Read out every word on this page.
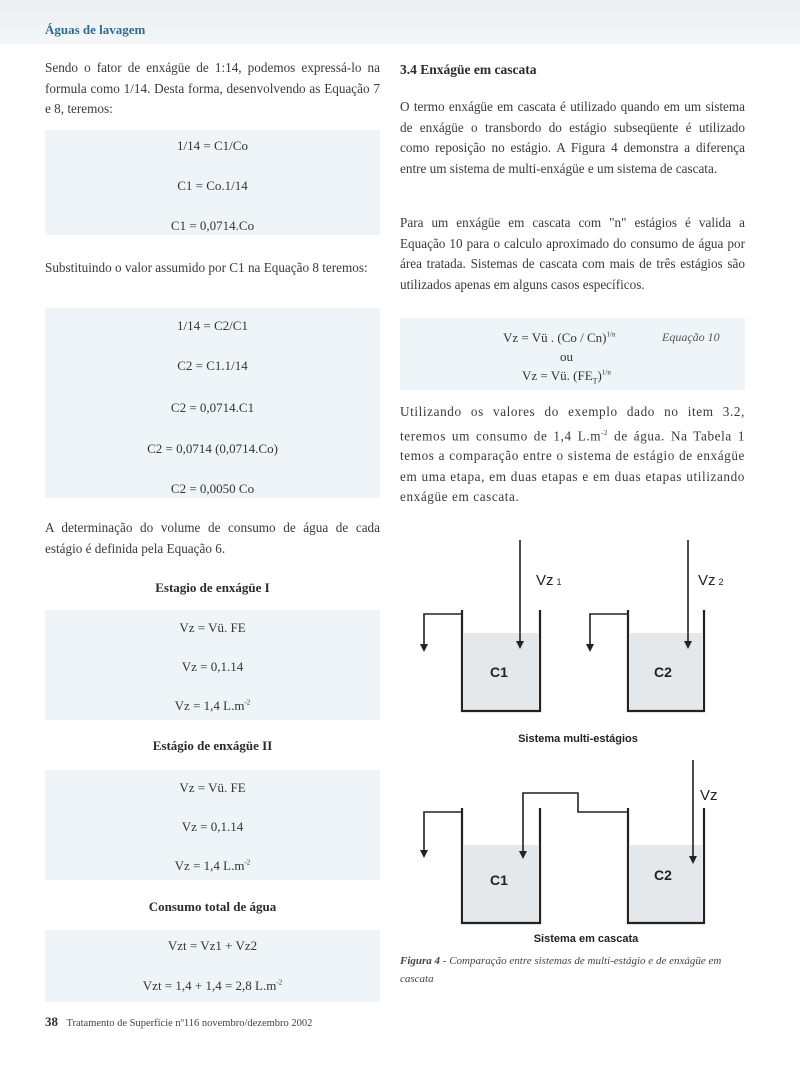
Águas de lavagem

Sendo o fator de enxágüe de 1:14, podemos expressá-lo na formula como 1/14. Desta forma, desenvolvendo as Equação 7 e 8, teremos:

1/14 = C1/Co
C1 = Co.1/14
C1 = 0,0714.Co

Substituindo o valor assumido por C1 na Equação 8 teremos:

1/14 = C2/C1
C2 = C1.1/14
C2 = 0,0714.C1
C2 = 0,0714 (0,0714.Co)
C2 = 0,0050 Co

A determinação do volume de consumo de água de cada estágio é definida pela Equação 6.

Estagio de enxágüe I
Vz = Vü. FE
Vz = 0,1.14
Vz = 1,4 $L.m^{-2}$
Estágio de enxágüe II
Vz = Vü. FE
Vz = 0,1.14
Vz = 1,4 $L.m^{-2}$
Consumo total de água
Vzt = Vz1 + Vz2
Vzt = 1,4 + 1,4 = 2,8 $L.m^{-2}$
3.4 Enxágüe em cascata

O termo enxágüe em cascata é utilizado quando em um sistema de enxágüe o transbordo do estágio subseqüente é utilizado como reposição no estágio. A Figura 4 demonstra a diferença entre um sistema de multi-enxágüe e um sistema de cascata.

Para um enxágüe em cascata com "n" estágios é valida a Equação 10 para o calculo aproximado do consumo de água por área tratada. Sistemas de cascata com mais de três estágios são utilizados apenas em alguns casos específicos.

Vz = Vü . (Co / Cn)$^{1/n}$	Equação 10
ou
Vz = Vü. $(FE_T)^{1/n}$

Utilizando os valores do exemplo dado no item 3.2, teremos um consumo de 1,4 $L.m^{-2}$ de água. Na Tabela 1 temos a comparação entre o sistema de estágio de enxágüe em uma etapa, em duas etapas e em duas etapas utilizando enxágüe em cascata.

Vz 1	Vz 2
C1	C2
Sistema multi-estágios
Vz
C1	C2
Sistema em cascata
Figura 4 - Comparação entre sistemas de multi-estágio e de enxágüe em cascata
38 Tratamento de Superfície nº116 novembro/dezembro 2002
